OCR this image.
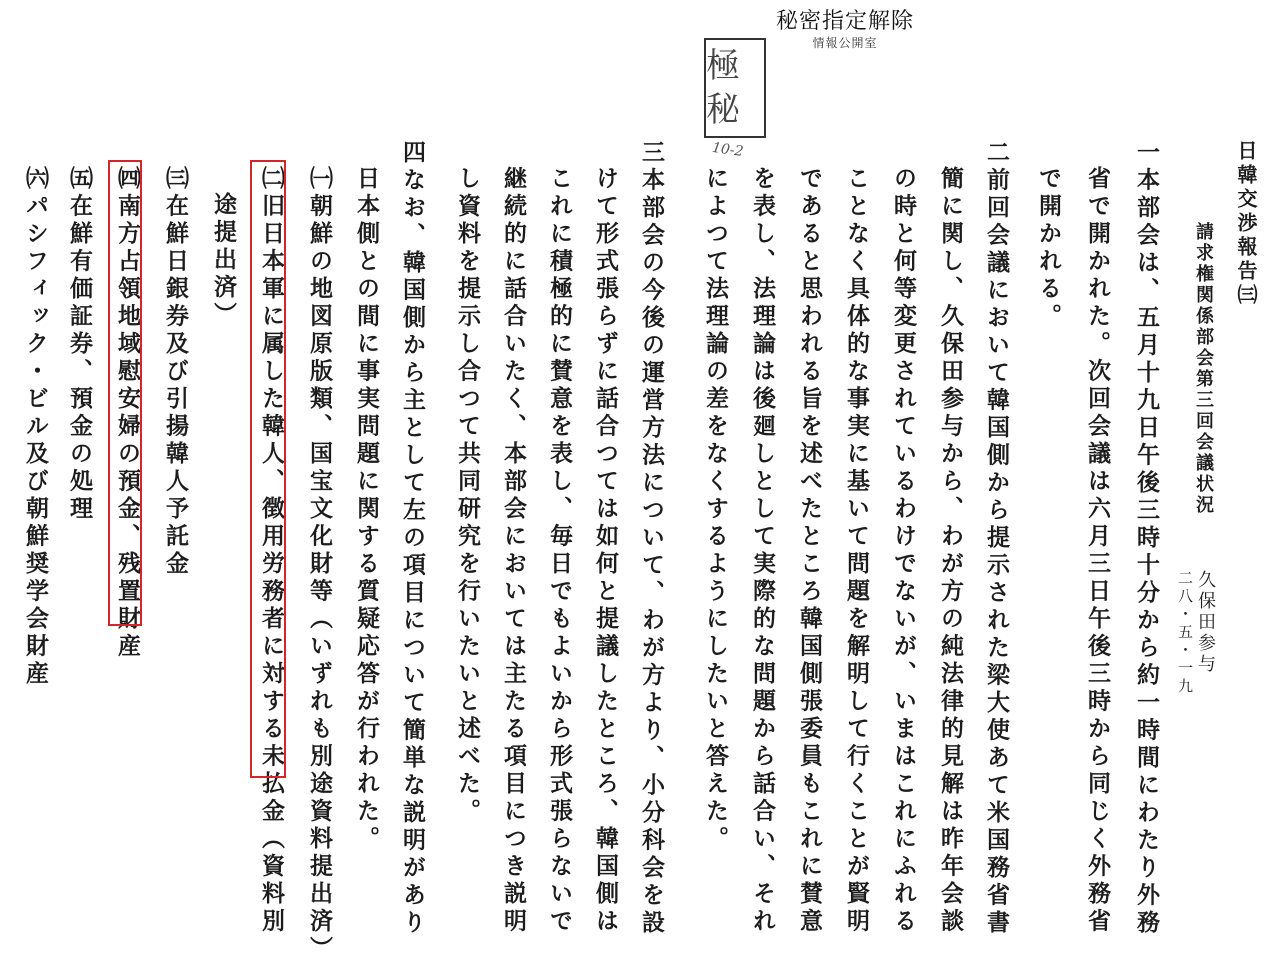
秘密指定解除
情報公開室
極秘
10-2	日韓交渉報告㈢
請求権関係部会第三回会議状況
久保田参与
二八・五・一九
一本部会は、五月十九日午後三時十分から約一時間にわたり外務
省で開かれた。次回会議は六月三日午後三時から同じく外務省
で開かれる。
二前回会議において韓国側から提示された梁大使あて米国務省書
簡に関し、久保田参与から、わが方の純法律的見解は昨年会談
の時と何等変更されているわけでないが、いまはこれにふれる
ことなく具体的な事実に基いて問題を解明して行くことが賢明
であると思われる旨を述べたところ韓国側張委員もこれに賛意
を表し、法理論は後廻しとして実際的な問題から話合い、それ
によつて法理論の差をなくするようにしたいと答えた。
三本部会の今後の運営方法について、わが方より、小分科会を設
けて形式張らずに話合つては如何と提議したところ、韓国側は
これに積極的に賛意を表し、毎日でもよいから形式張らないで
継続的に話合いたく、本部会においては主たる項目につき説明
し資料を提示し合つて共同研究を行いたいと述べた。
四なお、韓国側から主として左の項目について簡単な説明があり
日本側との間に事実問題に関する質疑応答が行われた。
㈠朝鮮の地図原版類、国宝文化財等（いずれも別途資料提出済）
㈡旧日本軍に属した韓人、徴用労務者に対する未払金（資料別
途提出済）
㈢在鮮日銀券及び引揚韓人予託金
㈣南方占領地域慰安婦の預金、残置財産
㈤在鮮有価証券、預金の処理
㈥パシフィック・ビル及び朝鮮奨学会財産
